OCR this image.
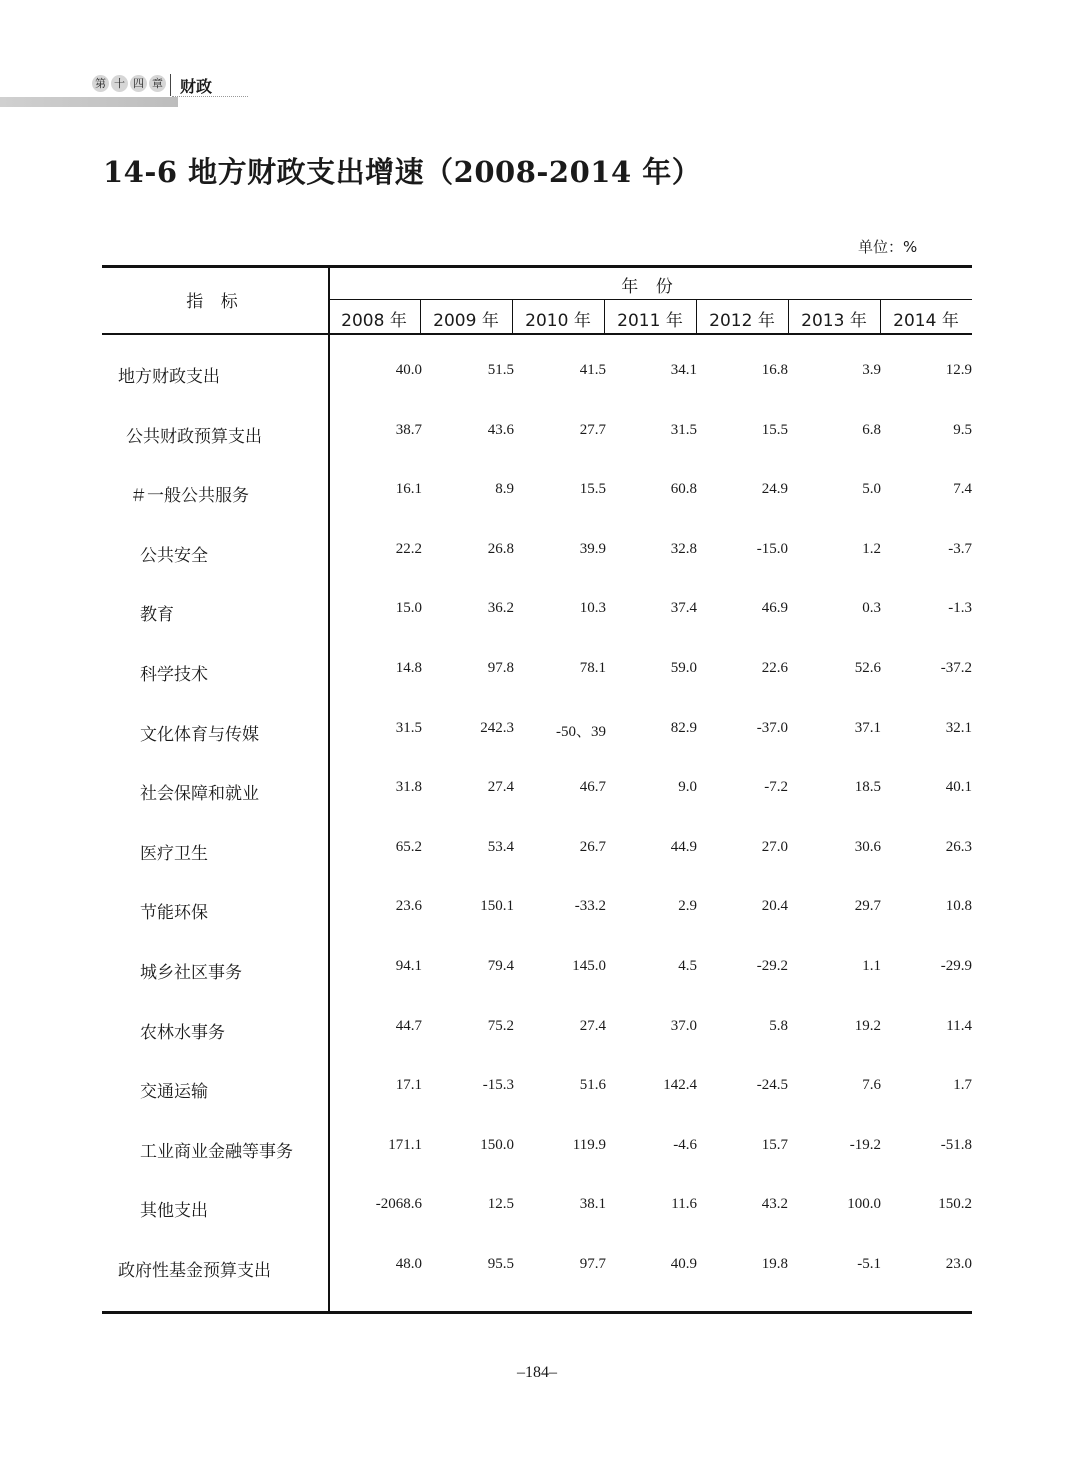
第 十 四 章 财政
14-6 地方财政支出增速（2008-2014 年）
单位：%
指 标
年 份
2008 年	2009 年	2010 年	2011 年	2012 年	2013 年	2014 年
地方财政支出	40.0	51.5	41.5	34.1	16.8	3.9	12.9
公共财政预算支出	38.7	43.6	27.7	31.5	15.5	6.8	9.5
＃一般公共服务	16.1	8.9	15.5	60.8	24.9	5.0	7.4
公共安全	22.2	26.8	39.9	32.8	-15.0	1.2	-3.7
教育	15.0	36.2	10.3	37.4	46.9	0.3	-1.3
科学技术	14.8	97.8	78.1	59.0	22.6	52.6	-37.2
文化体育与传媒	31.5	242.3	-50、39	82.9	-37.0	37.1	32.1
社会保障和就业	31.8	27.4	46.7	9.0	-7.2	18.5	40.1
医疗卫生	65.2	53.4	26.7	44.9	27.0	30.6	26.3
节能环保	23.6	150.1	-33.2	2.9	20.4	29.7	10.8
城乡社区事务	94.1	79.4	145.0	4.5	-29.2	1.1	-29.9
农林水事务	44.7	75.2	27.4	37.0	5.8	19.2	11.4
交通运输	17.1	-15.3	51.6	142.4	-24.5	7.6	1.7
工业商业金融等事务	171.1	150.0	119.9	-4.6	15.7	-19.2	-51.8
其他支出	-2068.6	12.5	38.1	11.6	43.2	100.0	150.2
政府性基金预算支出	48.0	95.5	97.7	40.9	19.8	-5.1	23.0
–184–
